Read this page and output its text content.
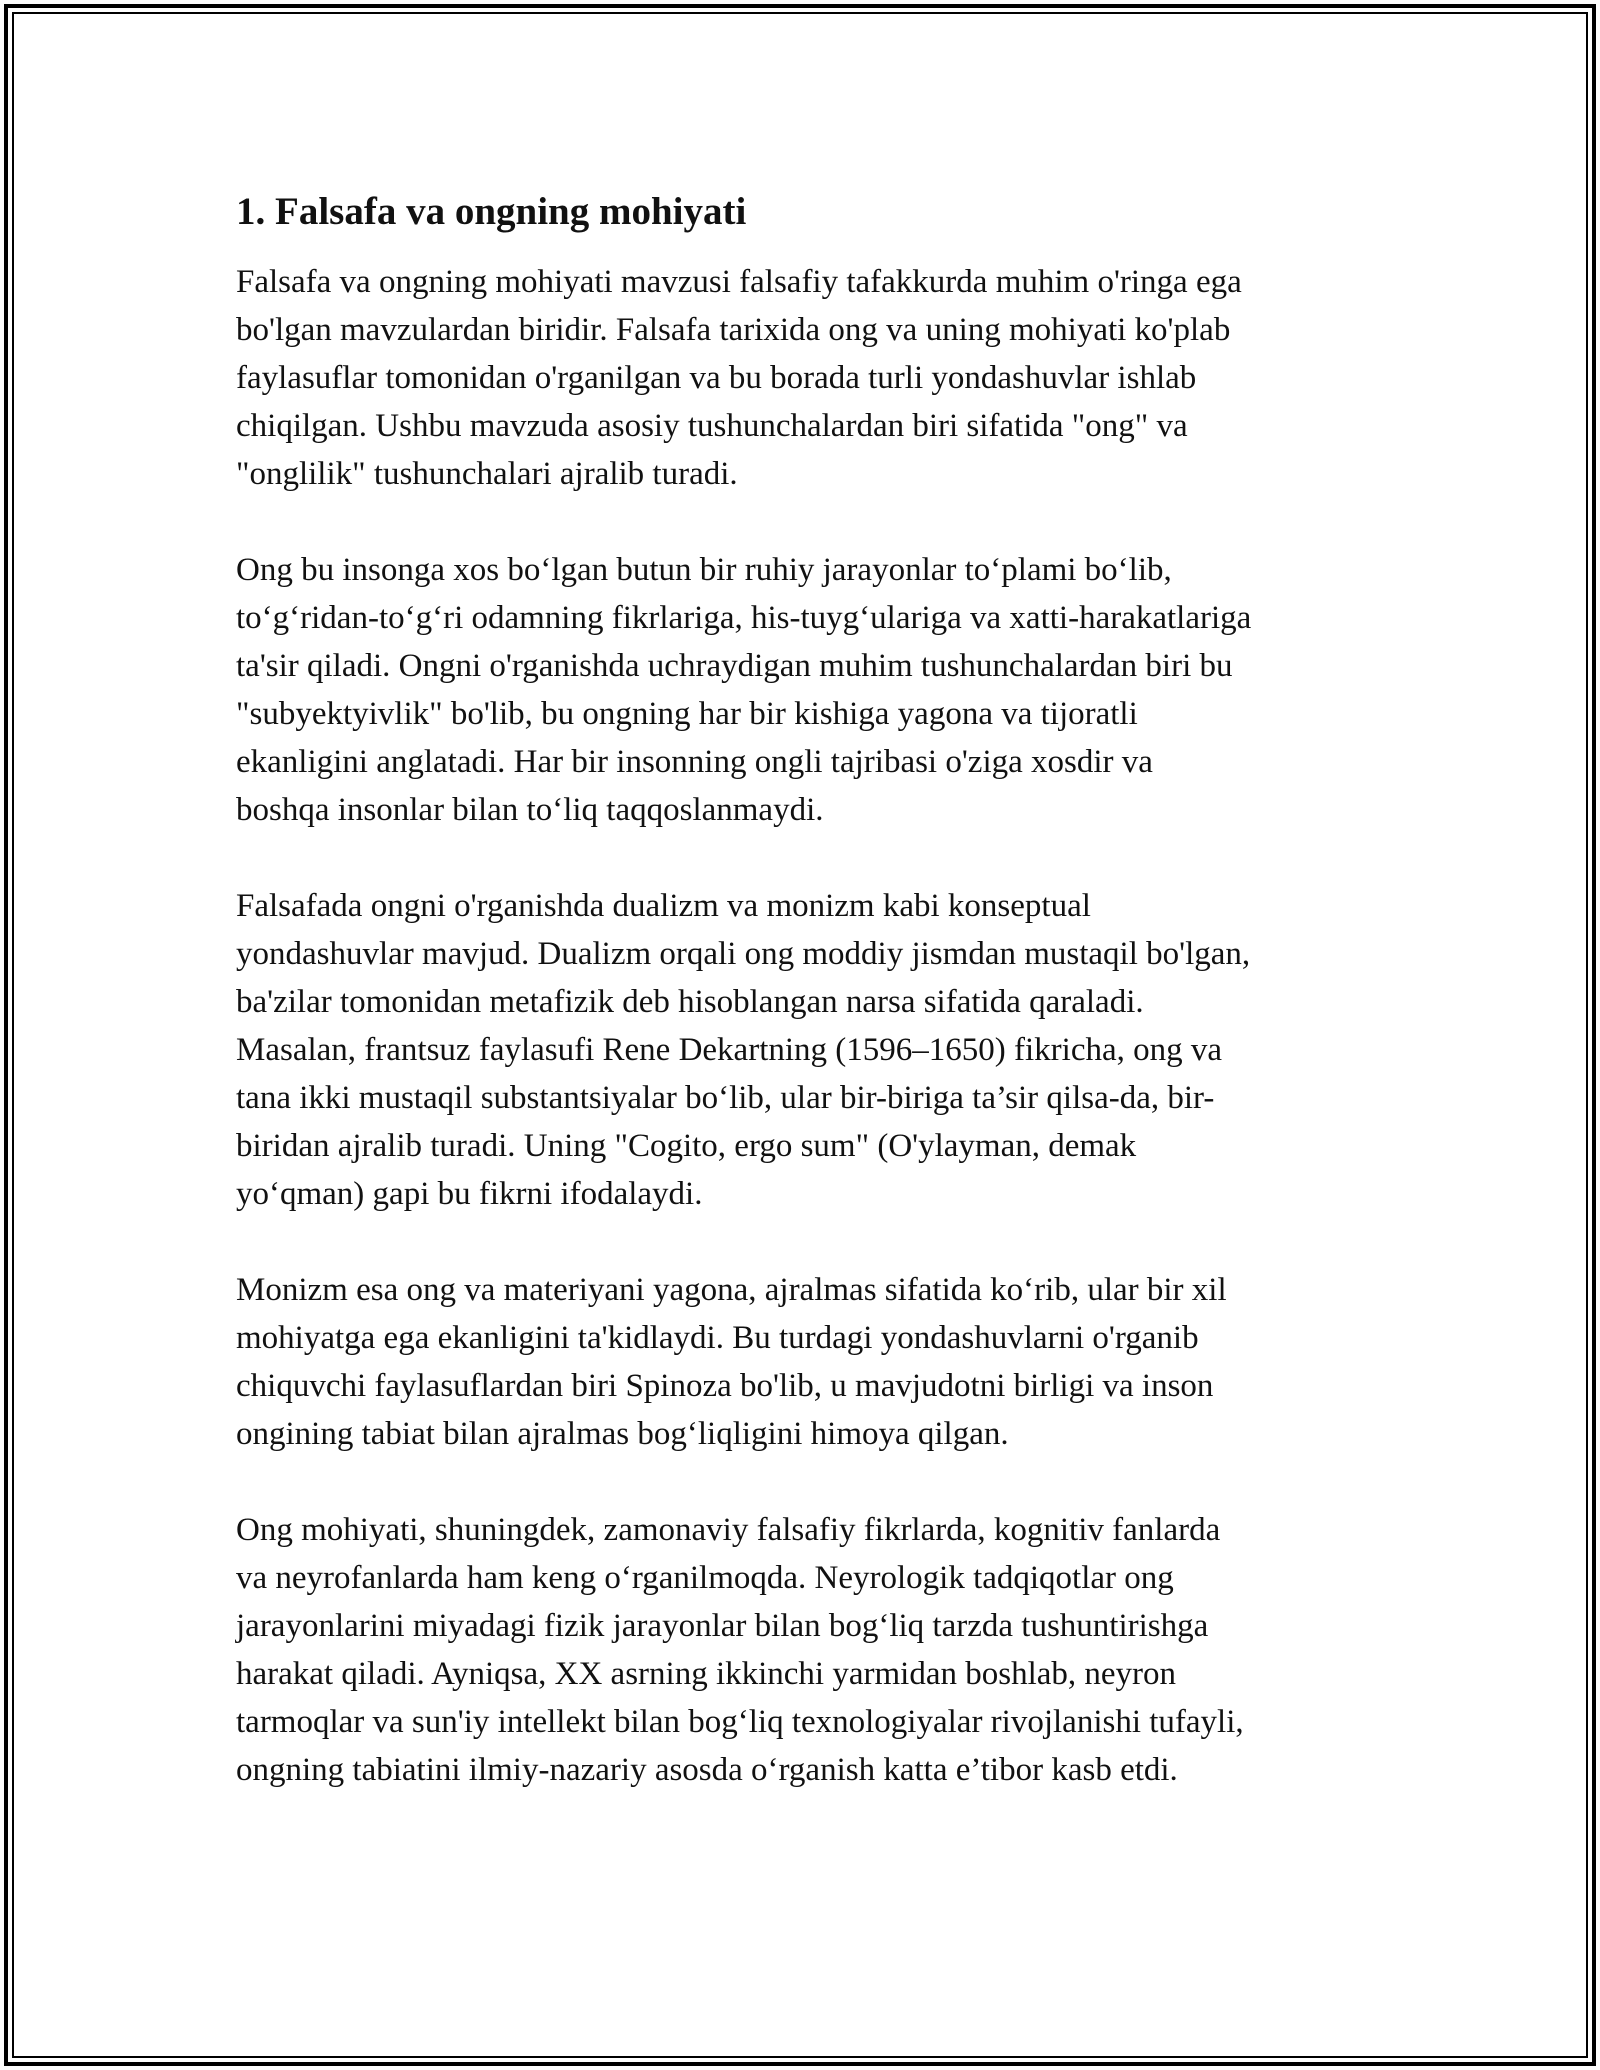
1. Falsafa va ongning mohiyati

Falsafa va ongning mohiyati mavzusi falsafiy tafakkurda muhim o'ringa ega
bo'lgan mavzulardan biridir. Falsafa tarixida ong va uning mohiyati ko'plab
faylasuflar tomonidan o'rganilgan va bu borada turli yondashuvlar ishlab
chiqilgan. Ushbu mavzuda asosiy tushunchalardan biri sifatida "ong" va
"onglilik" tushunchalari ajralib turadi.

Ong bu insonga xos bo‘lgan butun bir ruhiy jarayonlar to‘plami bo‘lib,
to‘g‘ridan-to‘g‘ri odamning fikrlariga, his-tuyg‘ulariga va xatti-harakatlariga
ta'sir qiladi. Ongni o'rganishda uchraydigan muhim tushunchalardan biri bu
"subyektyivlik" bo'lib, bu ongning har bir kishiga yagona va tijoratli
ekanligini anglatadi. Har bir insonning ongli tajribasi o'ziga xosdir va
boshqa insonlar bilan to‘liq taqqoslanmaydi.

Falsafada ongni o'rganishda dualizm va monizm kabi konseptual
yondashuvlar mavjud. Dualizm orqali ong moddiy jismdan mustaqil bo'lgan,
ba'zilar tomonidan metafizik deb hisoblangan narsa sifatida qaraladi.
Masalan, frantsuz faylasufi Rene Dekartning (1596–1650) fikricha, ong va
tana ikki mustaqil substantsiyalar bo‘lib, ular bir-biriga ta’sir qilsa-da, bir-
biridan ajralib turadi. Uning "Cogito, ergo sum" (O'ylayman, demak
yo‘qman) gapi bu fikrni ifodalaydi.

Monizm esa ong va materiyani yagona, ajralmas sifatida ko‘rib, ular bir xil
mohiyatga ega ekanligini ta'kidlaydi. Bu turdagi yondashuvlarni o'rganib
chiquvchi faylasuflardan biri Spinoza bo'lib, u mavjudotni birligi va inson
ongining tabiat bilan ajralmas bog‘liqligini himoya qilgan.

Ong mohiyati, shuningdek, zamonaviy falsafiy fikrlarda, kognitiv fanlarda
va neyrofanlarda ham keng o‘rganilmoqda. Neyrologik tadqiqotlar ong
jarayonlarini miyadagi fizik jarayonlar bilan bog‘liq tarzda tushuntirishga
harakat qiladi. Ayniqsa, XX asrning ikkinchi yarmidan boshlab, neyron
tarmoqlar va sun'iy intellekt bilan bog‘liq texnologiyalar rivojlanishi tufayli,
ongning tabiatini ilmiy-nazariy asosda o‘rganish katta e’tibor kasb etdi.
